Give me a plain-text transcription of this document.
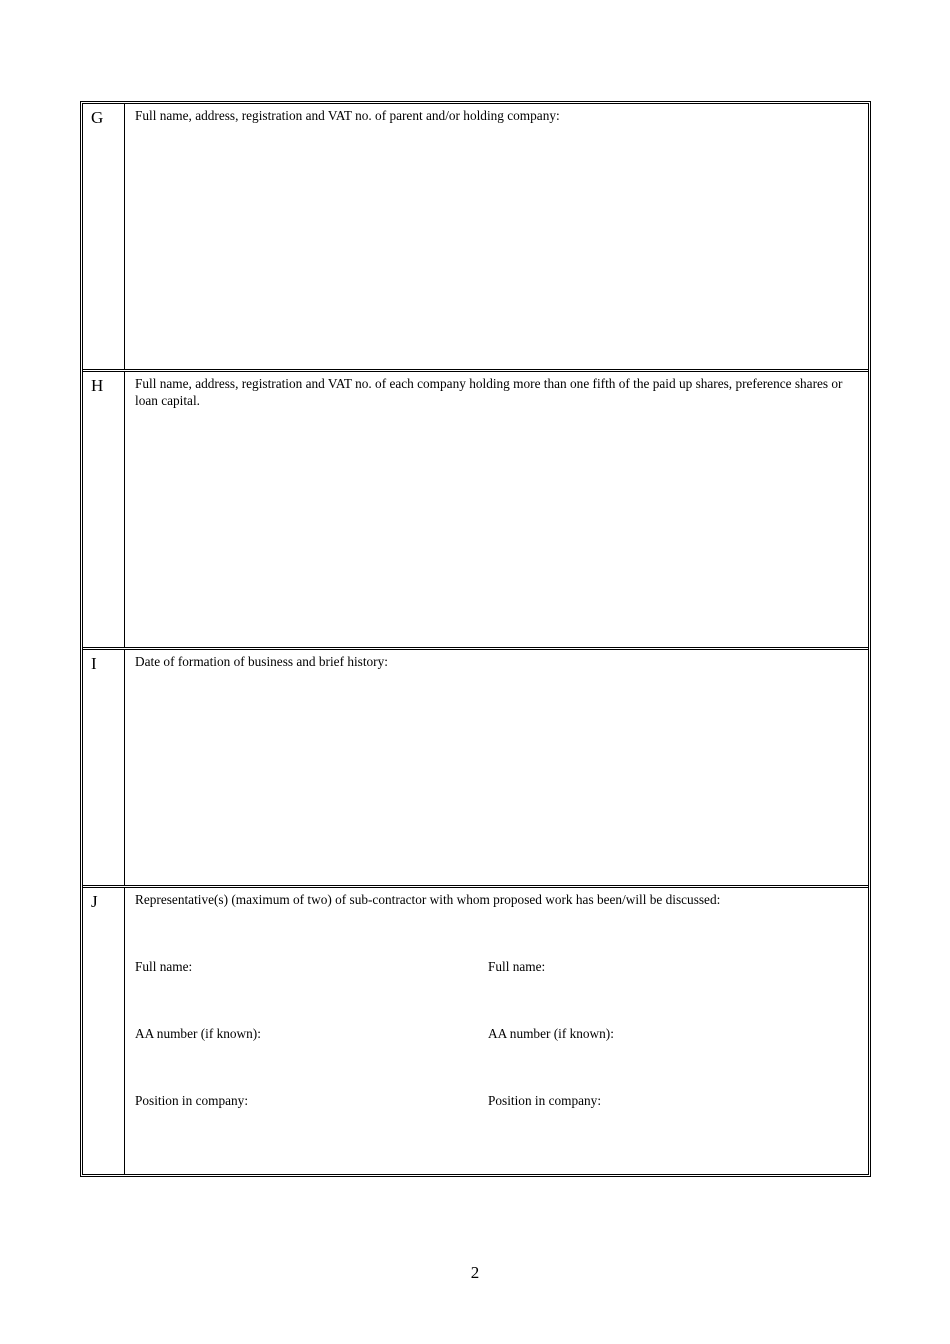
G Full name, address, registration and VAT no. of parent and/or holding company:
H Full name, address, registration and VAT no. of each company holding more than one fifth of the paid up shares, preference shares or loan capital.
I	Date of formation of business and brief history:
J	Representative(s) (maximum of two) of sub-contractor with whom proposed work has been/will be discussed:
Full name:	Full name:
AA number (if known):	AA number (if known):
Position in company:	Position in company:
2
